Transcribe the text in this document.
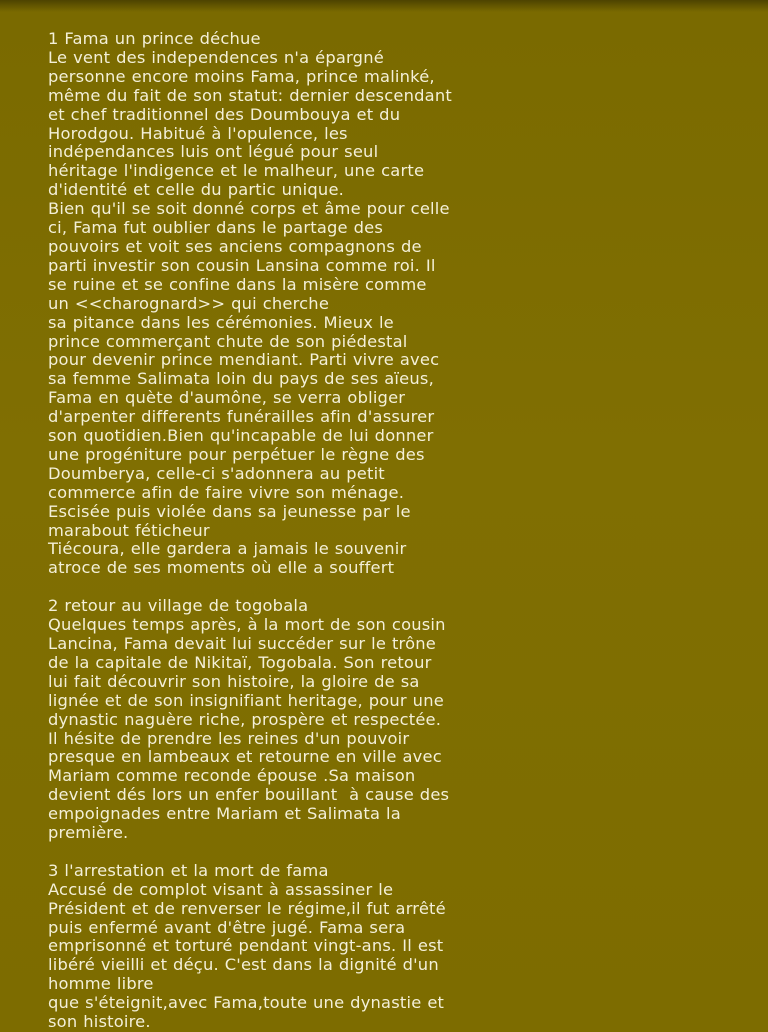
1 Fama un prince déchue
Le vent des independences n'a épargné
personne encore moins Fama, prince malinké,
même du fait de son statut: dernier descendant
et chef traditionnel des Doumbouya et du
Horodgou. Habitué à l'opulence, les
indépendances luis ont légué pour seul
héritage l'indigence et le malheur, une carte
d'identité et celle du partic unique.
Bien qu'il se soit donné corps et âme pour celle
ci, Fama fut oublier dans le partage des
pouvoirs et voit ses anciens compagnons de
parti investir son cousin Lansina comme roi. Il
se ruine et se confine dans la misère comme
un <<charognard>> qui cherche
sa pitance dans les cérémonies. Mieux le
prince commerçant chute de son piédestal
pour devenir prince mendiant. Parti vivre avec
sa femme Salimata loin du pays de ses aïeus,
Fama en quète d'aumône, se verra obliger
d'arpenter differents funérailles afin d'assurer
son quotidien.Bien qu'incapable de lui donner
une progéniture pour perpétuer le règne des
Doumberya, celle-ci s'adonnera au petit
commerce afin de faire vivre son ménage.
Escisée puis violée dans sa jeunesse par le
marabout féticheur
Tiécoura, elle gardera a jamais le souvenir
atroce de ses moments où elle a souffert
2 retour au village de togobala
Quelques temps après, à la mort de son cousin
Lancina, Fama devait lui succéder sur le trône
de la capitale de Nikitaï, Togobala. Son retour
lui fait découvrir son histoire, la gloire de sa
lignée et de son insignifiant heritage, pour une
dynastic naguère riche, prospère et respectée.
Il hésite de prendre les reines d'un pouvoir
presque en lambeaux et retourne en ville avec
Mariam comme reconde épouse .Sa maison
devient dés lors un enfer bouillant  à cause des
empoignades entre Mariam et Salimata la
première.
3 l'arrestation et la mort de fama
Accusé de complot visant à assassiner le
Président et de renverser le régime,il fut arrêté
puis enfermé avant d'être jugé. Fama sera
emprisonné et torturé pendant vingt-ans. Il est
libéré vieilli et déçu. C'est dans la dignité d'un
homme libre
que s'éteignit,avec Fama,toute une dynastie et
son histoire.
